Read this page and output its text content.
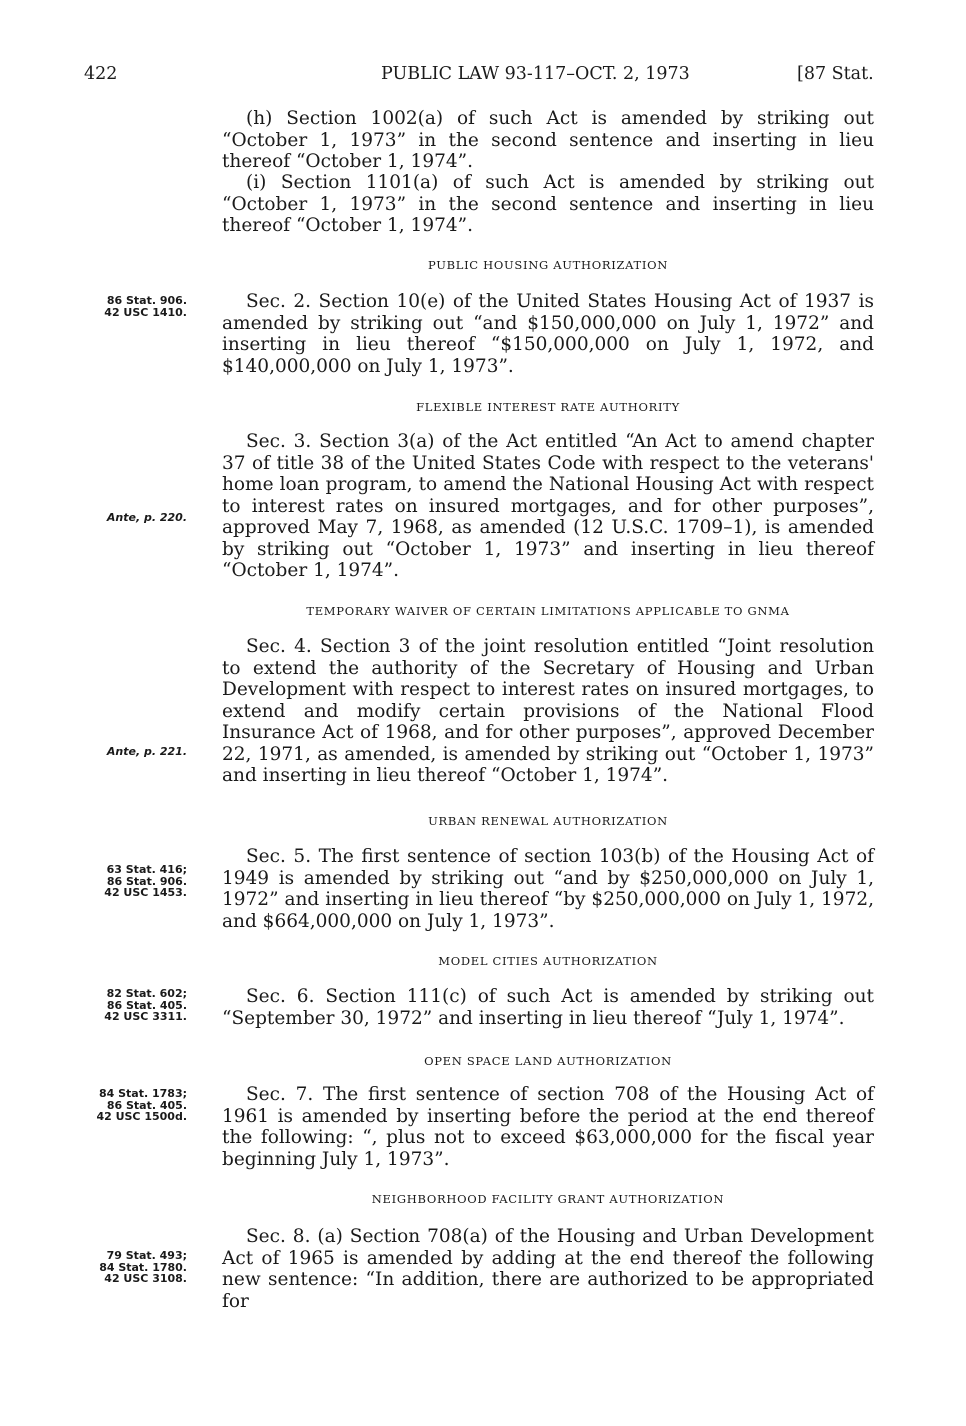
422	PUBLIC LAW 93-117–OCT. 2, 1973	[87 Stat.

(h) Section 1002(a) of such Act is amended by striking out “October 1, 1973” in the second sentence and inserting in lieu thereof “October 1, 1974”.

(i) Section 1101(a) of such Act is amended by striking out “October 1, 1973” in the second sentence and inserting in lieu thereof “October 1, 1974”.

PUBLIC HOUSING AUTHORIZATION
86 Stat. 906.
42 USC 1410.	Sec. 2. Section 10(e) of the United States Housing Act of 1937 is amended by striking out “and $150,000,000 on July 1, 1972” and inserting in lieu thereof “$150,000,000 on July 1, 1972, and $140,000,000 on July 1, 1973”.

FLEXIBLE INTEREST RATE AUTHORITY
Ante, p. 220.

Sec. 3. Section 3(a) of the Act entitled “An Act to amend chapter 37 of title 38 of the United States Code with respect to the veterans' home loan program, to amend the National Housing Act with respect to interest rates on insured mortgages, and for other purposes”, approved May 7, 1968, as amended (12 U.S.C. 1709–1), is amended by striking out “October 1, 1973” and inserting in lieu thereof “October 1, 1974”.

TEMPORARY WAIVER OF CERTAIN LIMITATIONS APPLICABLE TO GNMA
Ante, p. 221.

Sec. 4. Section 3 of the joint resolution entitled “Joint resolution to extend the authority of the Secretary of Housing and Urban Development with respect to interest rates on insured mortgages, to extend and modify certain provisions of the National Flood Insurance Act of 1968, and for other purposes”, approved December 22, 1971, as amended, is amended by striking out “October 1, 1973” and inserting in lieu thereof “October 1, 1974”.

URBAN RENEWAL AUTHORIZATION
63 Stat. 416;
86 Stat. 906.
42 USC 1453.

Sec. 5. The first sentence of section 103(b) of the Housing Act of 1949 is amended by striking out “and by $250,000,000 on July 1, 1972” and inserting in lieu thereof “by $250,000,000 on July 1, 1972, and $664,000,000 on July 1, 1973”.

MODEL CITIES AUTHORIZATION
82 Stat. 602;
86 Stat. 405.
42 USC 3311.

Sec. 6. Section 111(c) of such Act is amended by striking out “September 30, 1972” and inserting in lieu thereof “July 1, 1974”.

OPEN SPACE LAND AUTHORIZATION
84 Stat. 1783;
86 Stat. 405.
42 USC 1500d.

Sec. 7. The first sentence of section 708 of the Housing Act of 1961 is amended by inserting before the period at the end thereof the following: “, plus not to exceed $63,000,000 for the fiscal year beginning July 1, 1973”.

NEIGHBORHOOD FACILITY GRANT AUTHORIZATION
79 Stat. 493;
84 Stat. 1780.
42 USC 3108.

Sec. 8. (a) Section 708(a) of the Housing and Urban Development Act of 1965 is amended by adding at the end thereof the following new sentence: “In addition, there are authorized to be appropriated for
